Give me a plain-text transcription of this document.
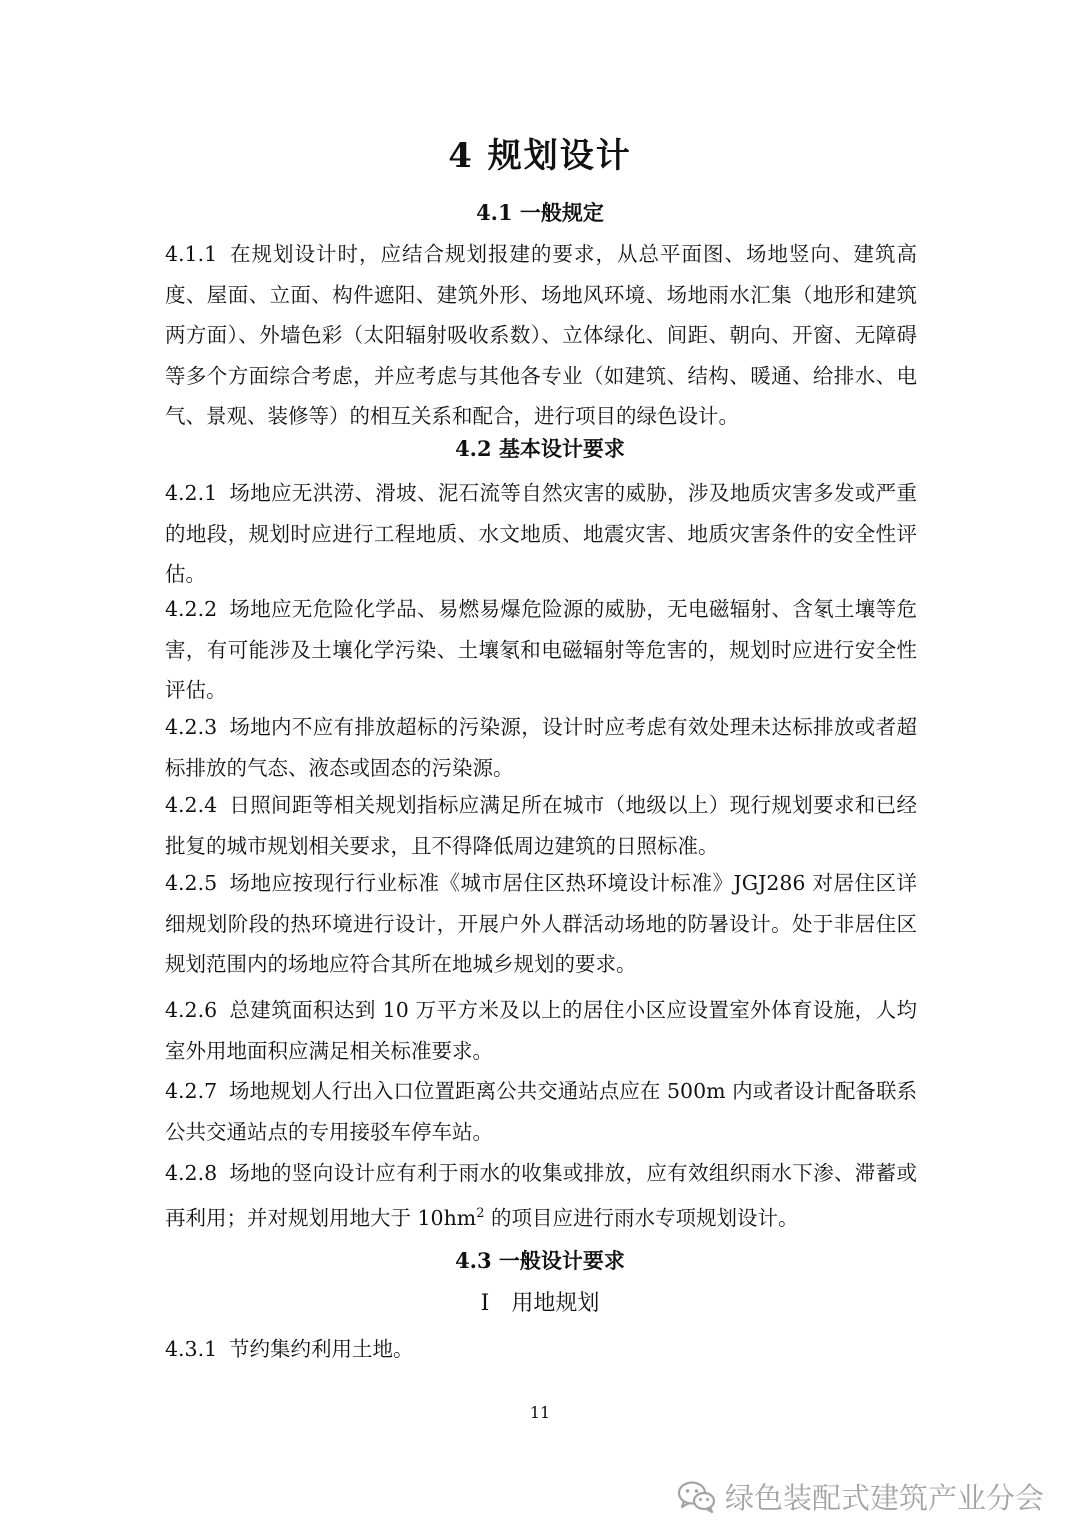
4 规划设计
4.1 一般规定

4.1.1 在规划设计时，应结合规划报建的要求，从总平面图、场地竖向、建筑高度、屋面、立面、构件遮阳、建筑外形、场地风环境、场地雨水汇集（地形和建筑两方面）、外墙色彩（太阳辐射吸收系数）、立体绿化、间距、朝向、开窗、无障碍等多个方面综合考虑，并应考虑与其他各专业（如建筑、结构、暖通、给排水、电气、景观、装修等）的相互关系和配合，进行项目的绿色设计。

4.2 基本设计要求

4.2.1 场地应无洪涝、滑坡、泥石流等自然灾害的威胁，涉及地质灾害多发或严重的地段，规划时应进行工程地质、水文地质、地震灾害、地质灾害条件的安全性评估。

4.2.2 场地应无危险化学品、易燃易爆危险源的威胁，无电磁辐射、含氡土壤等危害，有可能涉及土壤化学污染、土壤氡和电磁辐射等危害的，规划时应进行安全性评估。

4.2.3 场地内不应有排放超标的污染源，设计时应考虑有效处理未达标排放或者超标排放的气态、液态或固态的污染源。

4.2.4 日照间距等相关规划指标应满足所在城市（地级以上）现行规划要求和已经批复的城市规划相关要求，且不得降低周边建筑的日照标准。

4.2.5 场地应按现行行业标准《城市居住区热环境设计标准》JGJ286 对居住区详细规划阶段的热环境进行设计，开展户外人群活动场地的防暑设计。处于非居住区规划范围内的场地应符合其所在地城乡规划的要求。

4.2.6 总建筑面积达到 10 万平方米及以上的居住小区应设置室外体育设施，人均室外用地面积应满足相关标准要求。

4.2.7 场地规划人行出入口位置距离公共交通站点应在 500m 内或者设计配备联系公共交通站点的专用接驳车停车站。

4.2.8 场地的竖向设计应有利于雨水的收集或排放，应有效组织雨水下渗、滞蓄或再利用；并对规划用地大于 $10hm^2$ 的项目应进行雨水专项规划设计。

4.3 一般设计要求
Ⅰ 用地规划

4.3.1 节约集约利用土地。

11
绿色装配式建筑产业分会
